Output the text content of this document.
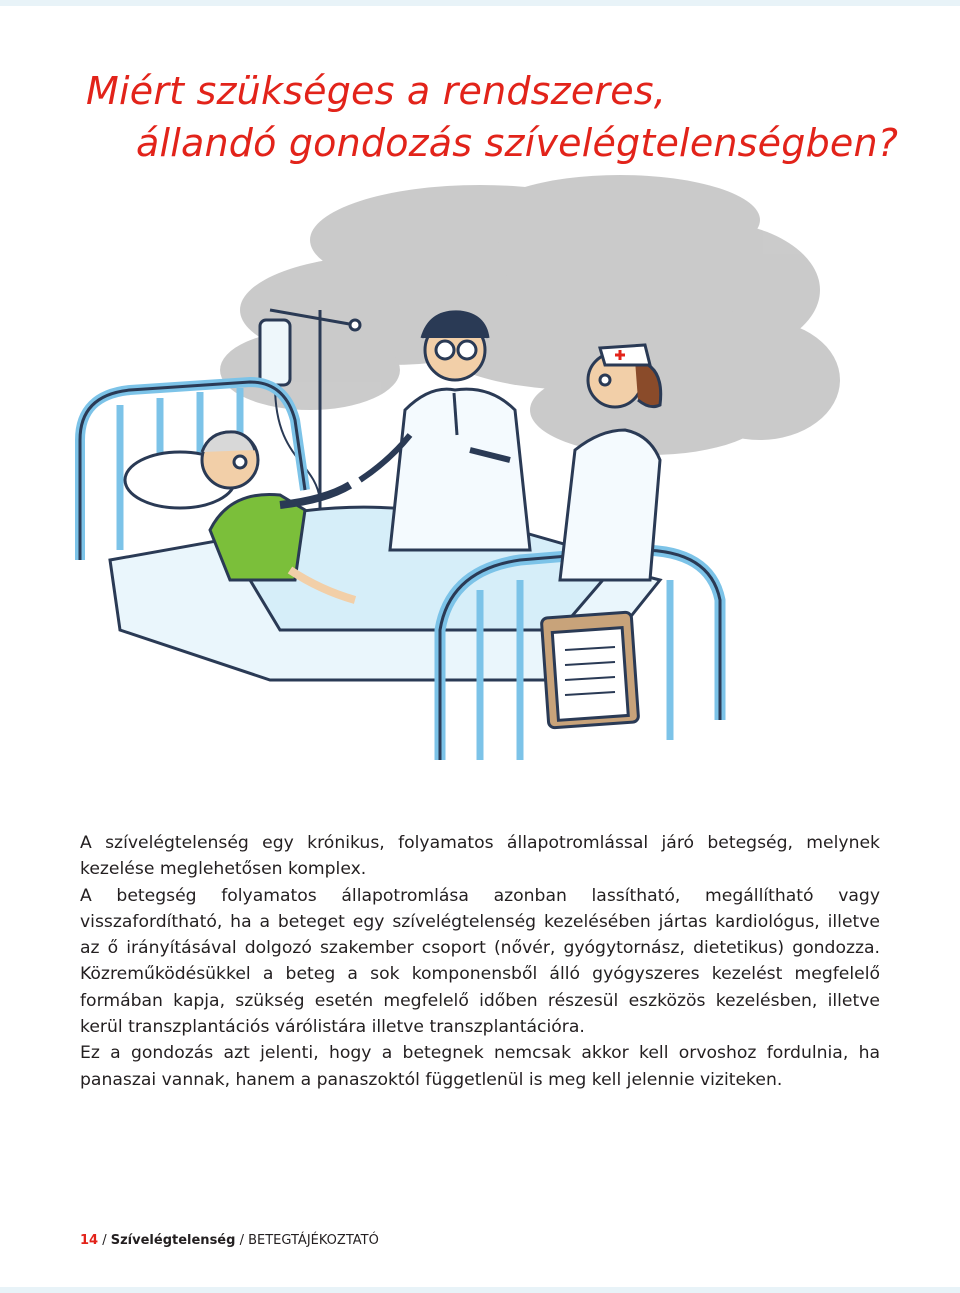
Miért szükséges a rendszeres,
állandó gondozás szívelégtelenségben?

A szívelégtelenség egy krónikus, folyamatos állapotromlással járó betegség, melynek kezelése meglehetősen komplex.

A betegség folyamatos állapotromlása azonban lassítható, megállítható vagy visszafordítható, ha a beteget egy szívelégtelenség kezelésében jártas kardiológus, illetve az ő irányításával dolgozó szakember csoport (nővér, gyógytornász, dietetikus) gondozza. Közreműködésükkel a beteg a sok komponensből álló gyógyszeres kezelést megfelelő formában kapja, szükség esetén megfelelő időben részesül eszközös kezelésben, illetve kerül transzplantációs várólistára illetve transzplantációra.

Ez a gondozás azt jelenti, hogy a betegnek nemcsak akkor kell orvoshoz fordulnia, ha panaszai vannak, hanem a panaszoktól függetlenül is meg kell jelennie viziteken.

14 / Szívelégtelenség / BETEGTÁJÉKOZTATÓ
